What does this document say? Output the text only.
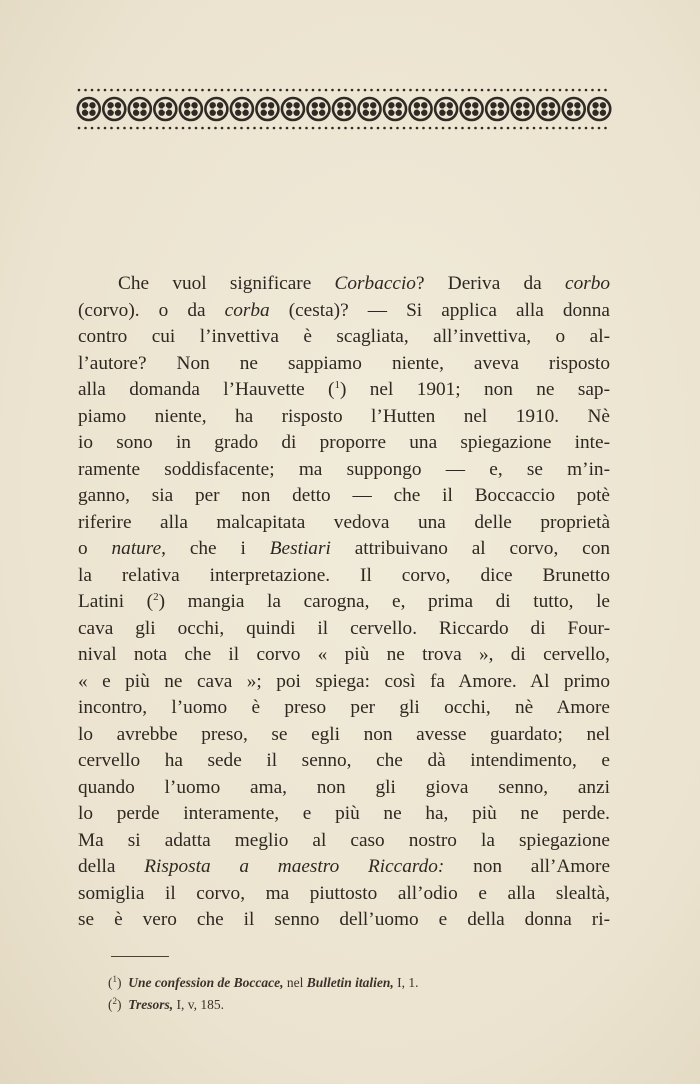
Che vuol significare Corbaccio? Deriva da corbo
(corvo). o da corba (cesta)? — Si applica alla donna
contro cui l’invettiva è scagliata, all’invettiva, o al-
l’autore? Non ne sappiamo niente, aveva risposto
alla domanda l’Hauvette ($^1$) nel 1901; non ne sap-
piamo niente, ha risposto l’Hutten nel 1910. Nè
io sono in grado di proporre una spiegazione inte-
ramente soddisfacente; ma suppongo — e, se m’in-
ganno, sia per non detto — che il Boccaccio potè
riferire alla malcapitata vedova una delle proprietà
o nature, che i Bestiari attribuivano al corvo, con
la relativa interpretazione. Il corvo, dice Brunetto
Latini ($^2$) mangia la carogna, e, prima di tutto, le
cava gli occhi, quindi il cervello. Riccardo di Four-
nival nota che il corvo « più ne trova », di cervello,
« e più ne cava »; poi spiega: così fa Amore. Al primo
incontro, l’uomo è preso per gli occhi, nè Amore
lo avrebbe preso, se egli non avesse guardato; nel
cervello ha sede il senno, che dà intendimento, e
quando l’uomo ama, non gli giova senno, anzi
lo perde interamente, e più ne ha, più ne perde.
Ma si adatta meglio al caso nostro la spiegazione
della Risposta a maestro Riccardo: non all’Amore
somiglia il corvo, ma piuttosto all’odio e alla slealtà,
se è vero che il senno dell’uomo e della donna ri-
($^1$) Une confession de Boccace, nel Bulletin italien, I, 1.
($^2$) Tresors, I, v, 185.
